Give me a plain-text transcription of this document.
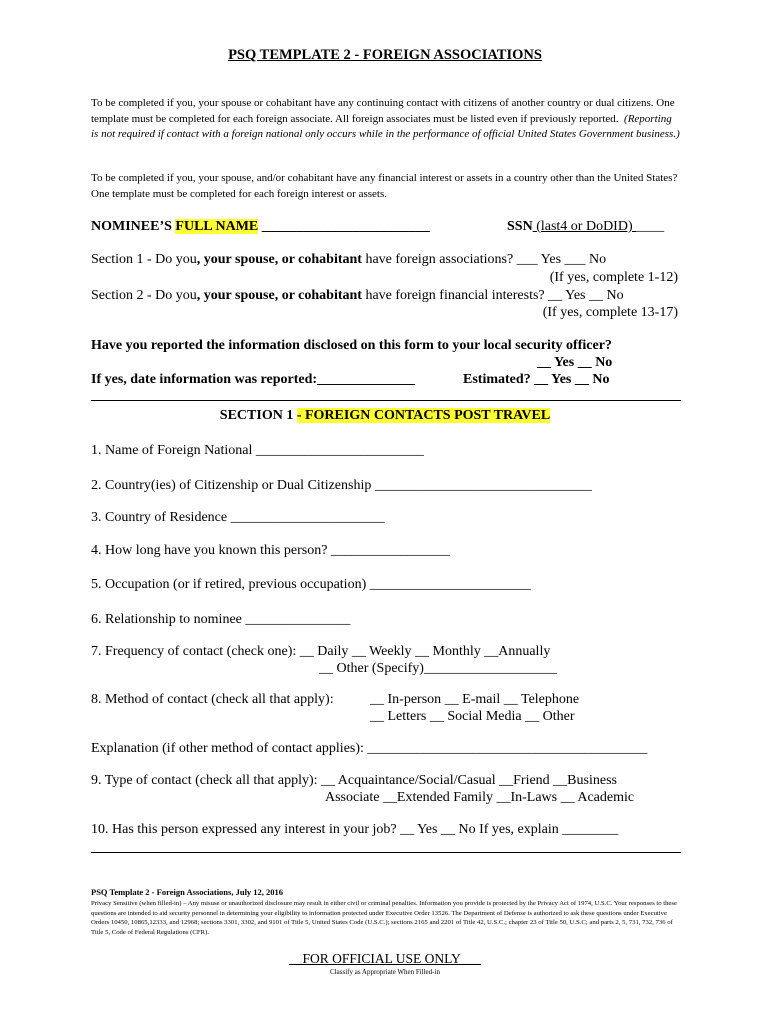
PSQ TEMPLATE 2 - FOREIGN ASSOCIATIONS
To be completed if you, your spouse or cohabitant have any continuing contact with citizens of another country or dual citizens. One template must be completed for each foreign associate. All foreign associates must be listed even if previously reported. (Reporting is not required if contact with a foreign national only occurs while in the performance of official United States Government business.)
To be completed if you, your spouse, and/or cohabitant have any financial interest or assets in a country other than the United States? One template must be completed for each foreign interest or assets.
NOMINEE’S FULL NAME ________________________	SSN (last4 or DoDID) ____
Section 1 - Do you, your spouse, or cohabitant have foreign associations? ___ Yes ___ No
(If yes, complete 1-12)
Section 2 - Do you, your spouse, or cohabitant have foreign financial interests? __ Yes __ No
(If yes, complete 13-17)
Have you reported the information disclosed on this form to your local security officer?
__ Yes __ No
If yes, date information was reported:______________	Estimated? __ Yes __ No
SECTION 1 - FOREIGN CONTACTS POST TRAVEL
1. Name of Foreign National ________________________
2. Country(ies) of Citizenship or Dual Citizenship _______________________________
3. Country of Residence ______________________
4. How long have you known this person? _________________
5. Occupation (or if retired, previous occupation) _______________________
6. Relationship to nominee _______________
7. Frequency of contact (check one): __ Daily __ Weekly __ Monthly __Annually
__ Other (Specify)___________________
8. Method of contact (check all that apply):	__ In-person __ E-mail __ Telephone
__ Letters __ Social Media __ Other
Explanation (if other method of contact applies): ________________________________________
9. Type of contact (check all that apply): __ Acquaintance/Social/Casual __Friend __Business
Associate __Extended Family __In-Laws __ Academic
10. Has this person expressed any interest in your job? __ Yes __ No If yes, explain ________
PSQ Template 2 - Foreign Associations, July 12, 2016
Privacy Sensitive (when filled-in) – Any misuse or unauthorized disclosure may result in either civil or criminal penalties. Information you provide is protected by the Privacy Act of 1974, U.S.C. Your responses to these questions are intended to aid security personnel in determining your eligibility to information protected under Executive Order 13526. The Department of Defense is authorized to ask these questions under Executive Orders 10450, 10865,12333, and 12968; sections 3301, 3302, and 9101 of Title 5, United States Code (U.S.C.); sections 2165 and 2201 of Title 42, U.S.C.; chapter 23 of Title 50, U.S.C; and parts 2, 5, 731, 732, 736 of Title 5, Code of Federal Regulations (CFR).
__FOR OFFICIAL USE ONLY___
Classify as Appropriate When Filled-in
